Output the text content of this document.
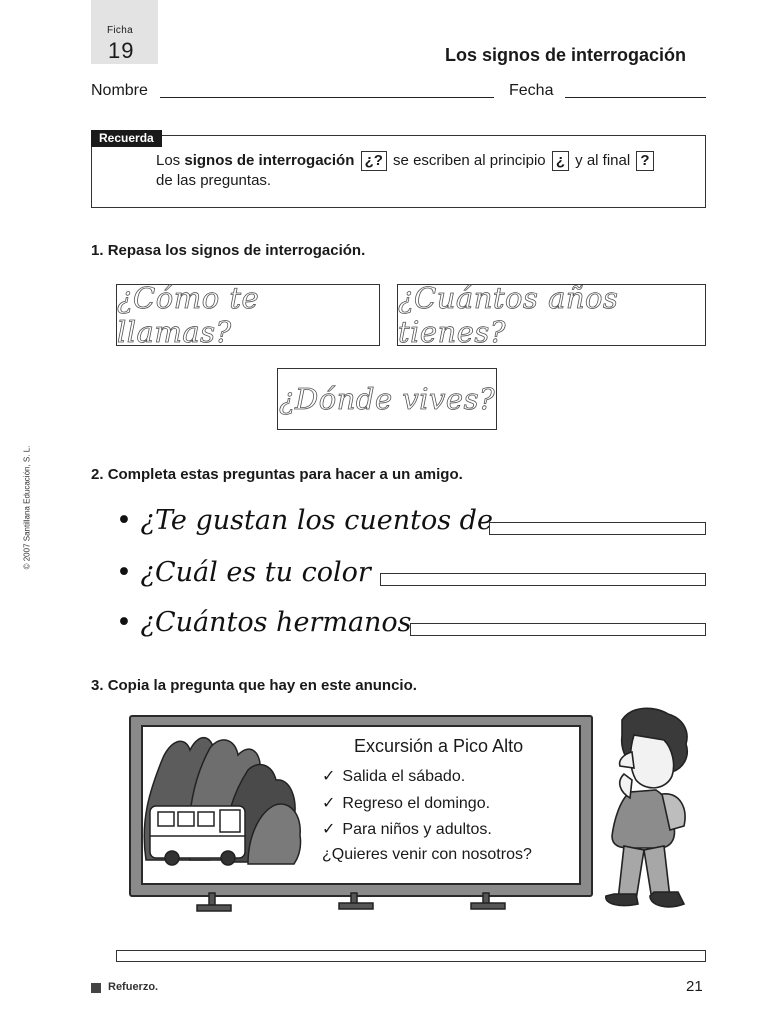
Ficha
19	Los signos de interrogación
Nombre	Fecha
Recuerda
Los signos de interrogación ¿? se escriben al principio ¿ y al final ?
de las preguntas.
1. Repasa los signos de interrogación.
¿Cómo te llamas?
¿Cuántos años tienes?
¿Dónde vives?
2. Completa estas preguntas para hacer a un amigo.
• ¿Te gustan los cuentos de
• ¿Cuál es tu color
• ¿Cuántos hermanos
3. Copia la pregunta que hay en este anuncio.
Excursión a Pico Alto
✓ Salida el sábado.
✓ Regreso el domingo.
✓ Para niños y adultos.
¿Quieres venir con nosotros?
Refuerzo.	21
© 2007 Santillana Educación, S. L.
